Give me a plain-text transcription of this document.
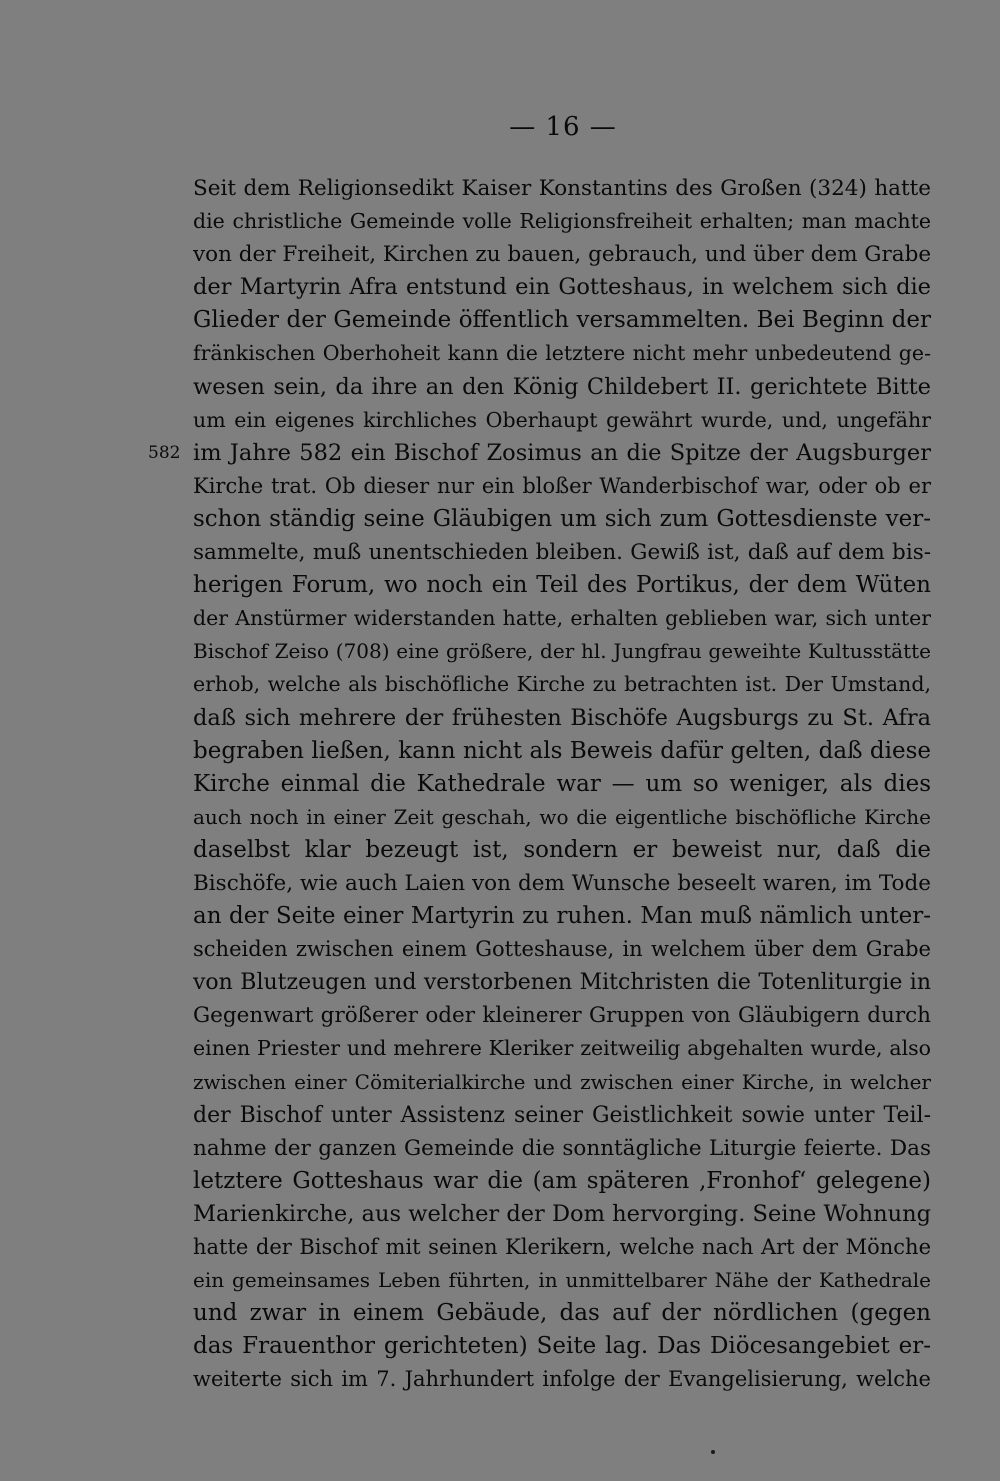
— 16 —
582
Seit dem Religionsedikt Kaiser Konstantins des Großen (324) hatte
die christliche Gemeinde volle Religionsfreiheit erhalten; man machte
von der Freiheit, Kirchen zu bauen, gebrauch, und über dem Grabe
der Martyrin Afra entstund ein Gotteshaus, in welchem sich die
Glieder der Gemeinde öffentlich versammelten. Bei Beginn der
fränkischen Oberhoheit kann die letztere nicht mehr unbedeutend ge-
wesen sein, da ihre an den König Childebert II. gerichtete Bitte
um ein eigenes kirchliches Oberhaupt gewährt wurde, und, ungefähr
im Jahre 582 ein Bischof Zosimus an die Spitze der Augsburger
Kirche trat. Ob dieser nur ein bloßer Wanderbischof war, oder ob er
schon ständig seine Gläubigen um sich zum Gottesdienste ver-
sammelte, muß unentschieden bleiben. Gewiß ist, daß auf dem bis-
herigen Forum, wo noch ein Teil des Portikus, der dem Wüten
der Anstürmer widerstanden hatte, erhalten geblieben war, sich unter
Bischof Zeiso (708) eine größere, der hl. Jungfrau geweihte Kultusstätte
erhob, welche als bischöfliche Kirche zu betrachten ist. Der Umstand,
daß sich mehrere der frühesten Bischöfe Augsburgs zu St. Afra
begraben ließen, kann nicht als Beweis dafür gelten, daß diese
Kirche einmal die Kathedrale war — um so weniger, als dies
auch noch in einer Zeit geschah, wo die eigentliche bischöfliche Kirche
daselbst klar bezeugt ist, sondern er beweist nur, daß die
Bischöfe, wie auch Laien von dem Wunsche beseelt waren, im Tode
an der Seite einer Martyrin zu ruhen. Man muß nämlich unter-
scheiden zwischen einem Gotteshause, in welchem über dem Grabe
von Blutzeugen und verstorbenen Mitchristen die Totenliturgie in
Gegenwart größerer oder kleinerer Gruppen von Gläubigern durch
einen Priester und mehrere Kleriker zeitweilig abgehalten wurde, also
zwischen einer Cömiterialkirche und zwischen einer Kirche, in welcher
der Bischof unter Assistenz seiner Geistlichkeit sowie unter Teil-
nahme der ganzen Gemeinde die sonntägliche Liturgie feierte. Das
letztere Gotteshaus war die (am späteren ‚Fronhof‘ gelegene)
Marienkirche, aus welcher der Dom hervorging. Seine Wohnung
hatte der Bischof mit seinen Klerikern, welche nach Art der Mönche
ein gemeinsames Leben führten, in unmittelbarer Nähe der Kathedrale
und zwar in einem Gebäude, das auf der nördlichen (gegen
das Frauenthor gerichteten) Seite lag. Das Diöcesangebiet er-
weiterte sich im 7. Jahrhundert infolge der Evangelisierung, welche
